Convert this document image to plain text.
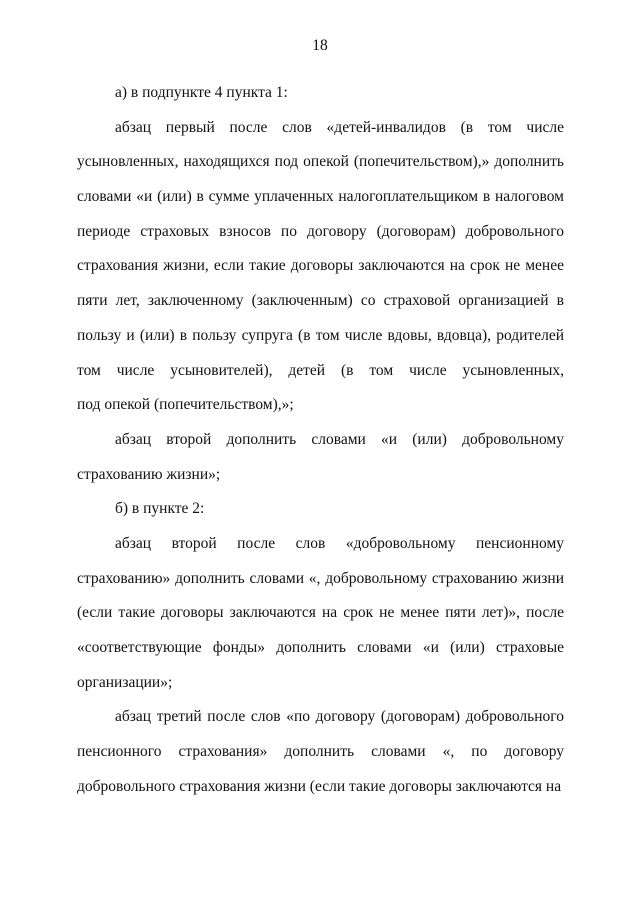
18
а) в подпункте 4 пункта 1:
абзац первый после слов «детей-инвалидов (в том числе
усыновленных, находящихся под опекой (попечительством),» дополнить
словами «и (или) в сумме уплаченных налогоплательщиком в налоговом
периоде страховых взносов по договору (договорам) добровольного
страхования жизни, если такие договоры заключаются на срок не менее
пяти лет, заключенному (заключенным) со страховой организацией в
пользу и (или) в пользу супруга (в том числе вдовы, вдовца), родителей
том числе усыновителей), детей (в том числе усыновленных,
под опекой (попечительством),»;
абзац второй дополнить словами «и (или) добровольному
страхованию жизни»;
б) в пункте 2:
абзац второй после слов «добровольному пенсионному
страхованию» дополнить словами «, добровольному страхованию жизни
(если такие договоры заключаются на срок не менее пяти лет)», после
«соответствующие фонды» дополнить словами «и (или) страховые
организации»;
абзац третий после слов «по договору (договорам) добровольного
пенсионного страхования» дополнить словами «, по договору
добровольного страхования жизни (если такие договоры заключаются на
